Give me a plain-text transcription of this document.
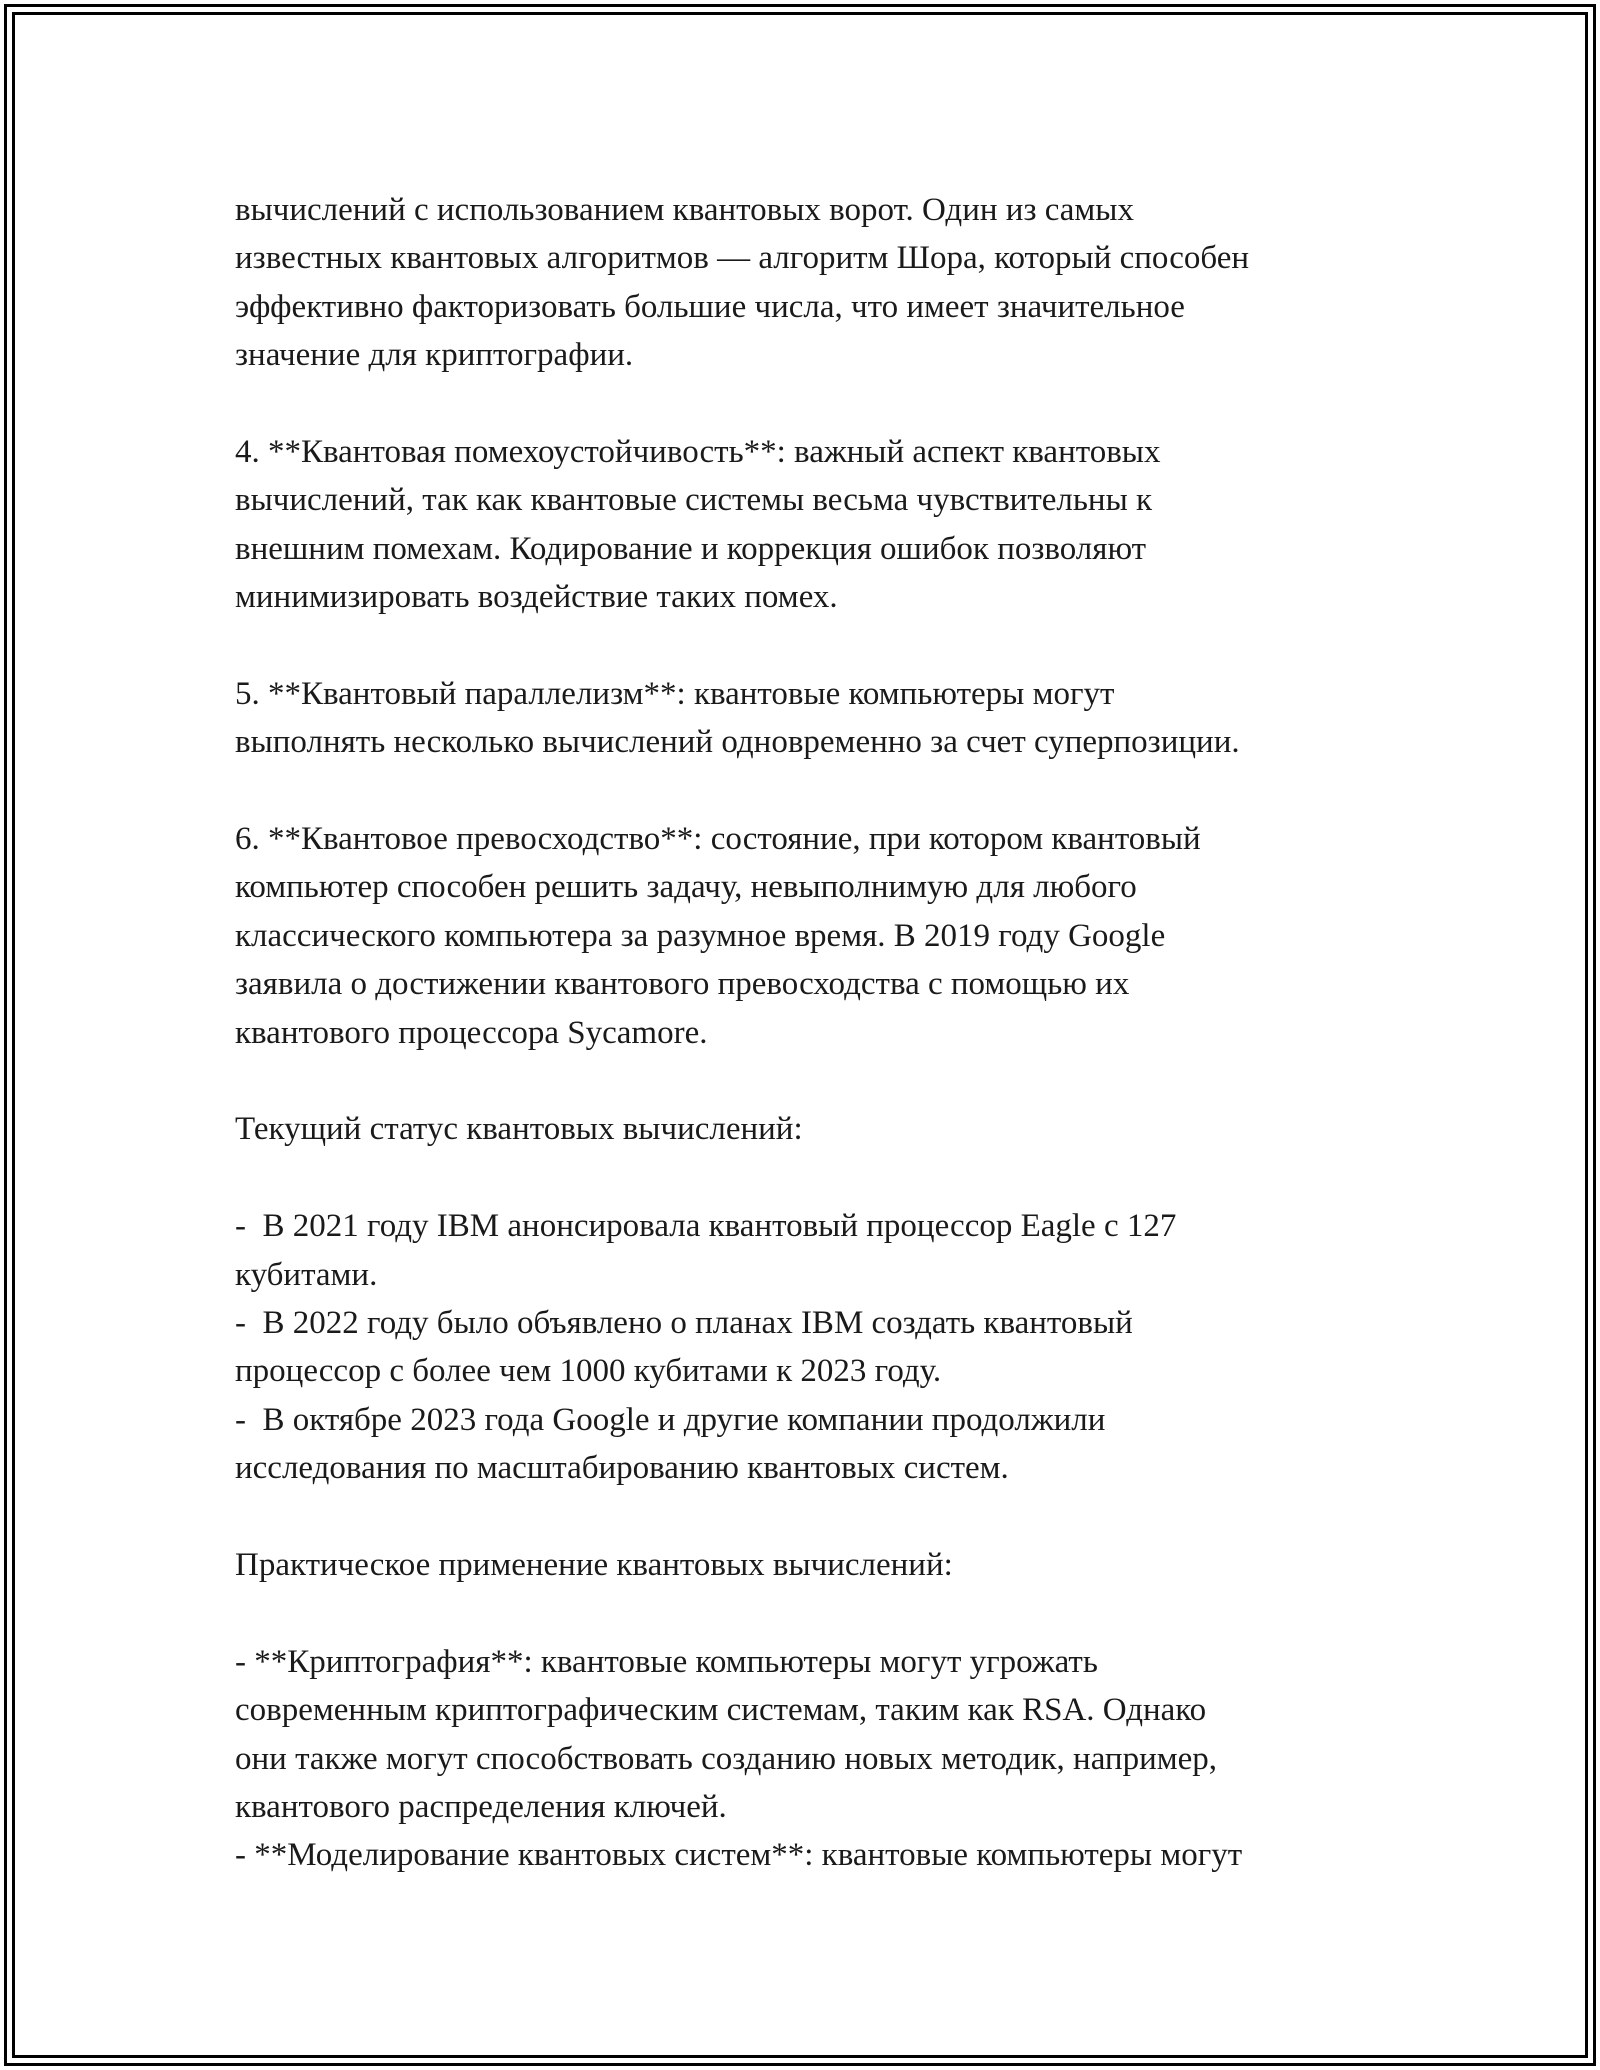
вычислений с использованием квантовых ворот. Один из самых
известных квантовых алгоритмов — алгоритм Шора, который способен
эффективно факторизовать большие числа, что имеет значительное
значение для криптографии.
4. **Квантовая помехоустойчивость**: важный аспект квантовых
вычислений, так как квантовые системы весьма чувствительны к
внешним помехам. Кодирование и коррекция ошибок позволяют
минимизировать воздействие таких помех.
5. **Квантовый параллелизм**: квантовые компьютеры могут
выполнять несколько вычислений одновременно за счет суперпозиции.
6. **Квантовое превосходство**: состояние, при котором квантовый
компьютер способен решить задачу, невыполнимую для любого
классического компьютера за разумное время. В 2019 году Google
заявила о достижении квантового превосходства с помощью их
квантового процессора Sycamore.
Текущий статус квантовых вычислений:
-  В 2021 году IBM анонсировала квантовый процессор Eagle с 127
кубитами.
-  В 2022 году было объявлено о планах IBM создать квантовый
процессор с более чем 1000 кубитами к 2023 году.
-  В октябре 2023 года Google и другие компании продолжили
исследования по масштабированию квантовых систем.
Практическое применение квантовых вычислений:
- **Криптография**: квантовые компьютеры могут угрожать
современным криптографическим системам, таким как RSA. Однако
они также могут способствовать созданию новых методик, например,
квантового распределения ключей.
- **Моделирование квантовых систем**: квантовые компьютеры могут
